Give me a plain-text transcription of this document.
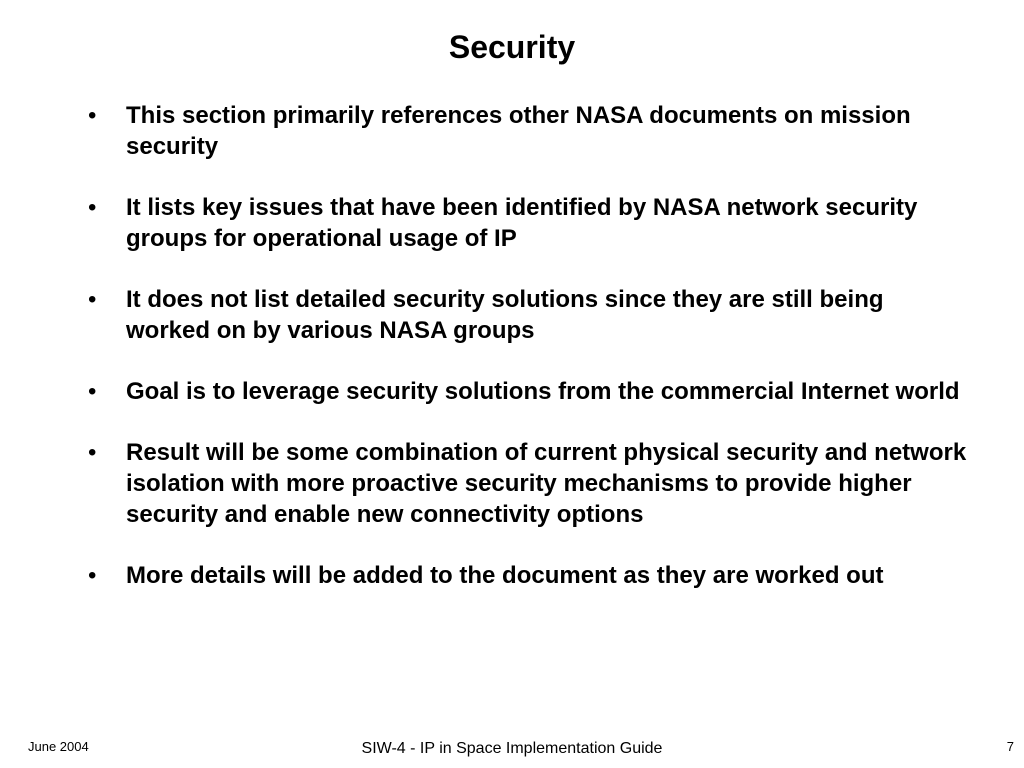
Security
• This section primarily references other NASA documents on mission security
• It lists key issues that have been identified by NASA network security groups for operational usage of IP
• It does not list detailed security solutions since they are still being worked on by various NASA groups
• Goal is to leverage security solutions from the commercial Internet world
• Result will be some combination of current physical security and network isolation with more proactive security mechanisms to provide higher security and enable new connectivity options
• More details will be added to the document as they are worked out
June 2004	SIW-4 - IP in Space Implementation Guide	7
